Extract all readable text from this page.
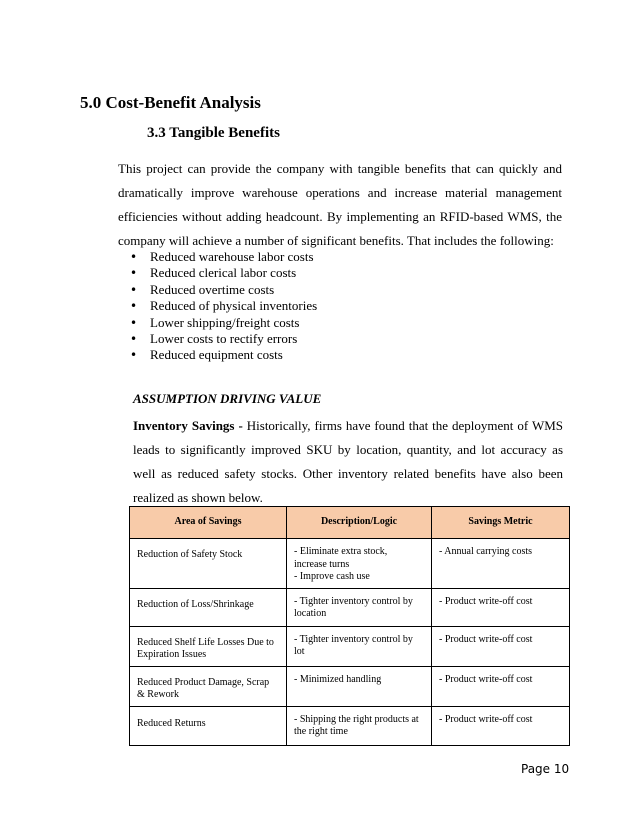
5.0 Cost-Benefit Analysis
3.3 Tangible Benefits

This project can provide the company with tangible benefits that can quickly and dramatically improve warehouse operations and increase material management efficiencies without adding headcount. By implementing an RFID-based WMS, the company will achieve a number of significant benefits. That includes the following:

• Reduced warehouse labor costs
• Reduced clerical labor costs
• Reduced overtime costs
• Reduced of physical inventories
• Lower shipping/freight costs
• Lower costs to rectify errors
• Reduced equipment costs

ASSUMPTION DRIVING VALUE

Inventory Savings - Historically, firms have found that the deployment of WMS leads to significantly improved SKU by location, quantity, and lot accuracy as well as reduced safety stocks. Other inventory related benefits have also been realized as shown below.

Area of Savings	Description/Logic	Savings Metric
Reduction of Safety Stock	- Eliminate extra stock,
increase turns
- Improve cash use	- Annual carrying costs
Reduction of Loss/Shrinkage	- Tighter inventory control by
location	- Product write-off cost
Reduced Shelf Life Losses Due to
Expiration Issues	- Tighter inventory control by
lot	- Product write-off cost
Reduced Product Damage, Scrap
& Rework	- Minimized handling	- Product write-off cost
Reduced Returns	- Shipping the right products at
the right time	- Product write-off cost
Page 10
